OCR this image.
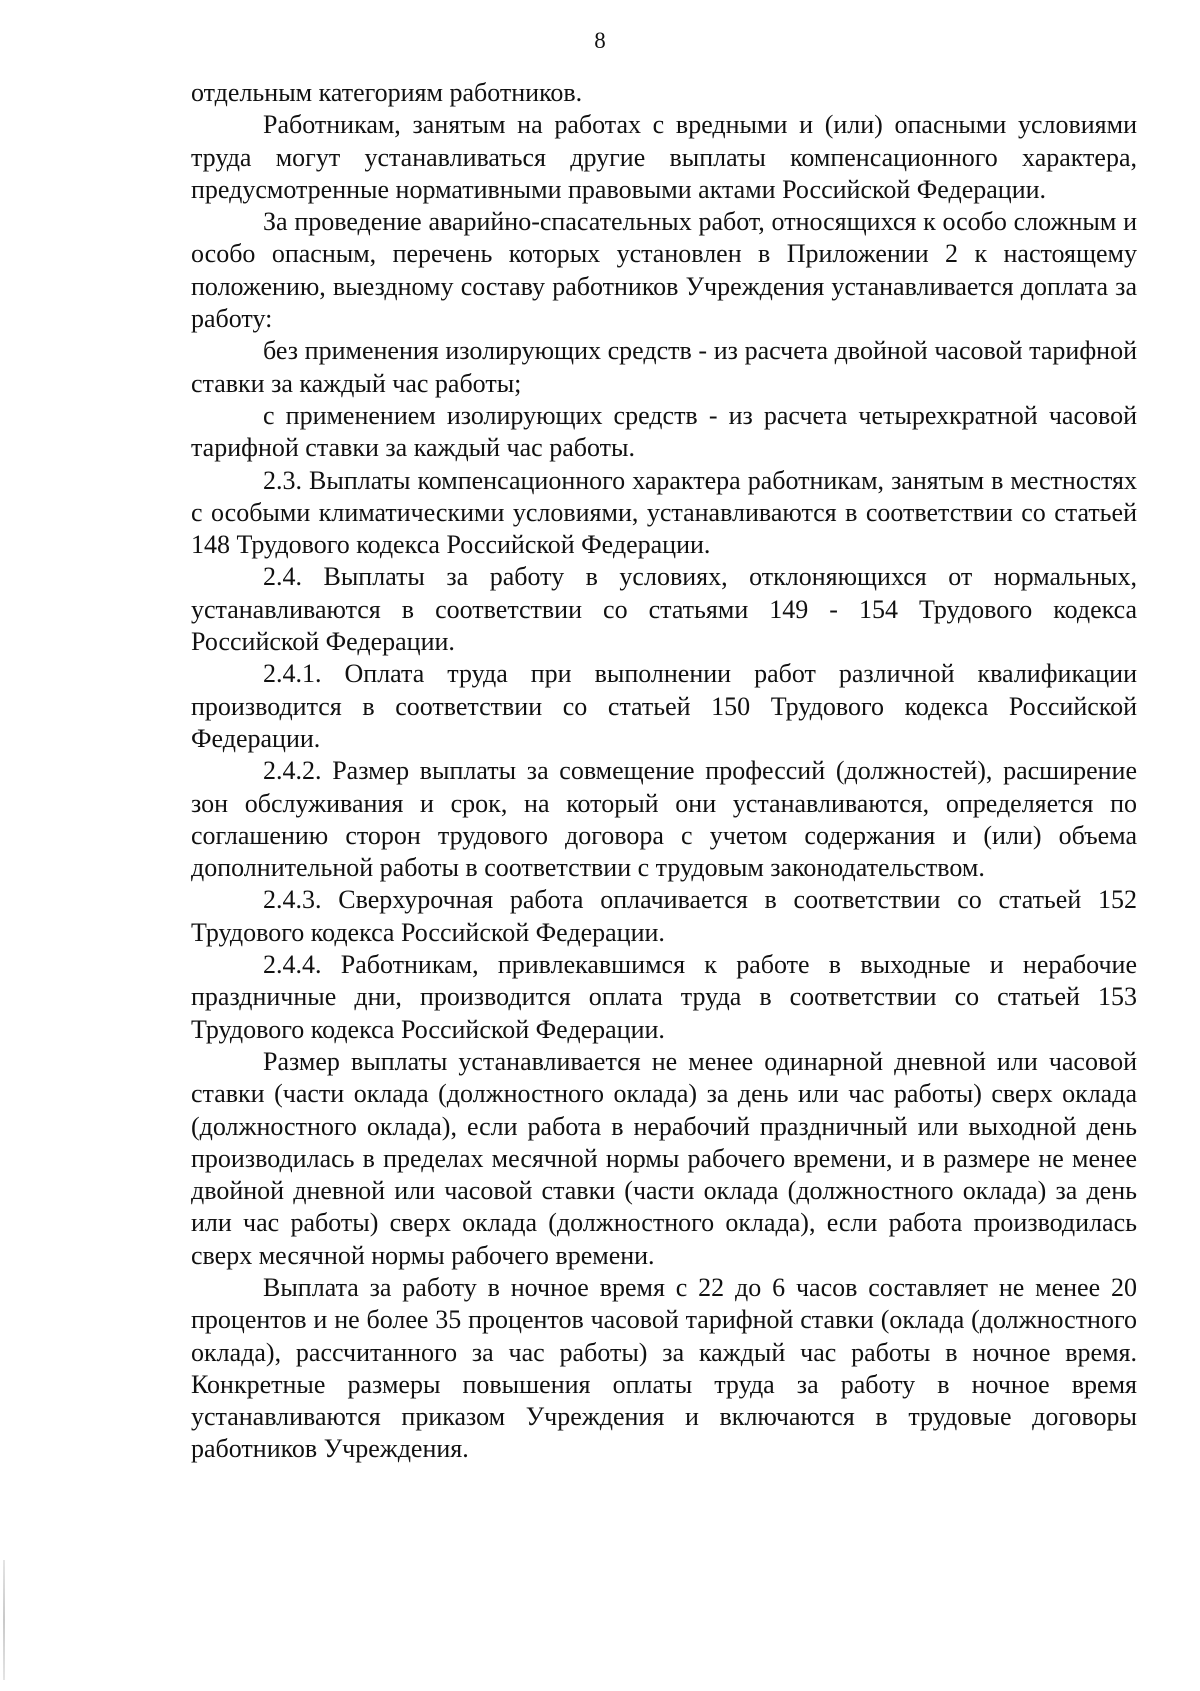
8

отдельным категориям работников.

Работникам, занятым на работах с вредными и (или) опасными условиями труда могут устанавливаться другие выплаты компенсационного характера, предусмотренные нормативными правовыми актами Российской Федерации.

За проведение аварийно-спасательных работ, относящихся к особо сложным и особо опасным, перечень которых установлен в Приложении 2 к настоящему положению, выездному составу работников Учреждения устанавливается доплата за работу:

без применения изолирующих средств - из расчета двойной часовой тарифной ставки за каждый час работы;

с применением изолирующих средств - из расчета четырехкратной часовой тарифной ставки за каждый час работы.

2.3. Выплаты компенсационного характера работникам, занятым в местностях с особыми климатическими условиями, устанавливаются в соответствии со статьей 148 Трудового кодекса Российской Федерации.

2.4. Выплаты за работу в условиях, отклоняющихся от нормальных, устанавливаются в соответствии со статьями 149 - 154 Трудового кодекса Российской Федерации.

2.4.1. Оплата труда при выполнении работ различной квалификации производится в соответствии со статьей 150 Трудового кодекса Российской Федерации.

2.4.2. Размер выплаты за совмещение профессий (должностей), расширение зон обслуживания и срок, на который они устанавливаются, определяется по соглашению сторон трудового договора с учетом содержания и (или) объема дополнительной работы в соответствии с трудовым законодательством.

2.4.3. Сверхурочная работа оплачивается в соответствии со статьей 152 Трудового кодекса Российской Федерации.

2.4.4. Работникам, привлекавшимся к работе в выходные и нерабочие праздничные дни, производится оплата труда в соответствии со статьей 153 Трудового кодекса Российской Федерации.

Размер выплаты устанавливается не менее одинарной дневной или часовой ставки (части оклада (должностного оклада) за день или час работы) сверх оклада (должностного оклада), если работа в нерабочий праздничный или выходной день производилась в пределах месячной нормы рабочего времени, и в размере не менее двойной дневной или часовой ставки (части оклада (должностного оклада) за день или час работы) сверх оклада (должностного оклада), если работа производилась сверх месячной нормы рабочего времени.

Выплата за работу в ночное время с 22 до 6 часов составляет не менее 20 процентов и не более 35 процентов часовой тарифной ставки (оклада (должностного оклада), рассчитанного за час работы) за каждый час работы в ночное время. Конкретные размеры повышения оплаты труда за работу в ночное время устанавливаются приказом Учреждения и включаются в трудовые договоры работников Учреждения.
